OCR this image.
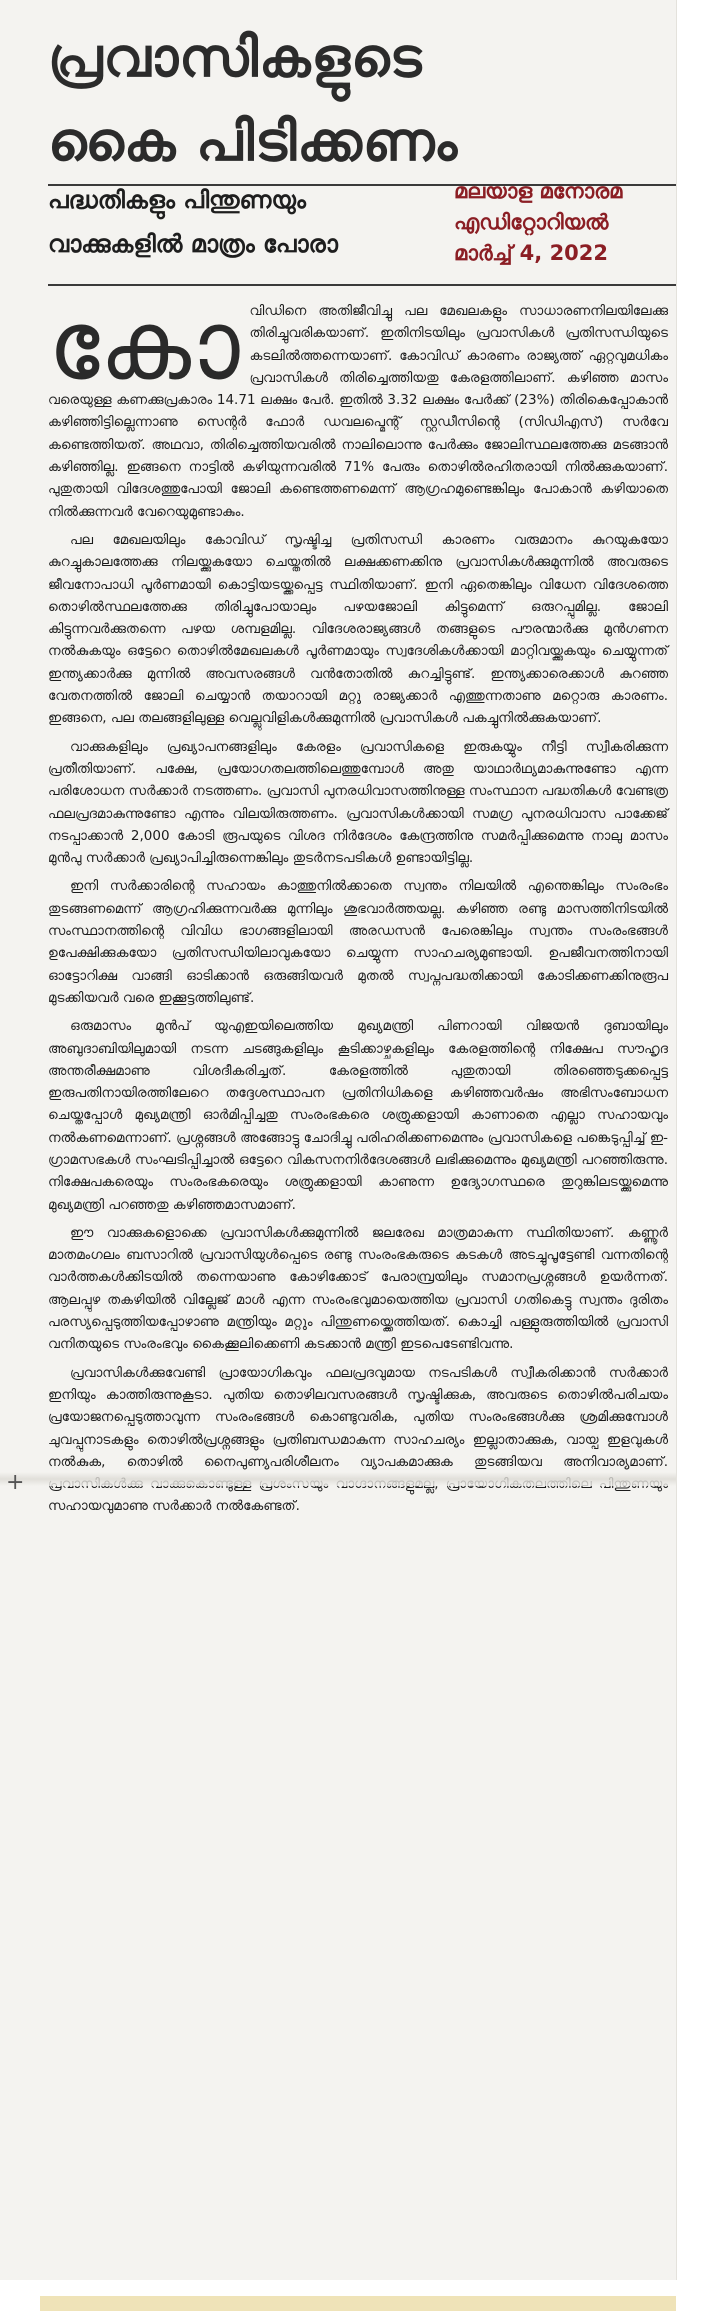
പ്രവാസികളുടെ
കൈ പിടിക്കണം
പദ്ധതികളും പിന്തുണയും
വാക്കുകളിൽ മാത്രം പോരാ
മലയാള മനോരമ
എഡിറ്റോറിയൽ
മാർച്ച് 4, 2022

കോവിഡിനെ അതിജീവിച്ചു പല മേഖലകളും സാധാരണനിലയിലേക്കു തിരിച്ചുവരികയാണ്. ഇതിനിടയിലും പ്രവാസികൾ പ്രതിസന്ധിയുടെ കടലിൽത്തന്നെയാണ്. കോവിഡ് കാരണം രാജ്യത്ത് ഏറ്റവുമധികം പ്രവാസികൾ തിരിച്ചെത്തിയതു കേരളത്തിലാണ്. കഴിഞ്ഞ മാസം വരെയുള്ള കണക്കുപ്രകാരം 14.71 ലക്ഷം പേർ. ഇതിൽ 3.32 ലക്ഷം പേർക്ക് (23%) തിരികെപ്പോകാൻ കഴിഞ്ഞിട്ടില്ലെന്നാണു സെന്റർ ഫോർ ഡവലപ്മെന്റ് സ്റ്റഡീസിന്റെ (സിഡിഎസ്) സർവേ കണ്ടെത്തിയത്. അഥവാ, തിരിച്ചെത്തിയവരിൽ നാലിലൊന്നു പേർക്കും ജോലിസ്ഥലത്തേക്കു മടങ്ങാൻ കഴിഞ്ഞില്ല. ഇങ്ങനെ നാട്ടിൽ കഴിയുന്നവരിൽ 71% പേരും തൊഴിൽരഹിതരായി നിൽക്കുകയാണ്. പുതുതായി വിദേശത്തുപോയി ജോലി കണ്ടെത്തണമെന്ന് ആഗ്രഹമുണ്ടെങ്കിലും പോകാൻ കഴിയാതെ നിൽക്കുന്നവർ വേറെയുമുണ്ടാകും.

പല മേഖലയിലും കോവിഡ് സൃഷ്ടിച്ച പ്രതിസന്ധി കാരണം വരുമാനം കുറയുകയോ കുറച്ചുകാലത്തേക്കു നിലയ്ക്കുകയോ ചെയ്തതിൽ ലക്ഷക്കണക്കിനു പ്രവാസികൾക്കുമുന്നിൽ അവരുടെ ജീവനോപാധി പൂർണമായി കൊട്ടിയടയ്ക്കപ്പെട്ട സ്ഥിതിയാണ്. ഇനി ഏതെങ്കിലും വിധേന വിദേശത്തെ തൊഴിൽസ്ഥലത്തേക്കു തിരിച്ചുപോയാലും പഴയജോലി കിട്ടുമെന്ന് ഒരുറപ്പുമില്ല. ജോലി കിട്ടുന്നവർക്കുതന്നെ പഴയ ശമ്പളമില്ല. വിദേശരാജ്യങ്ങൾ തങ്ങളുടെ പൗരന്മാർക്കു മുൻഗണന നൽകുകയും ഒട്ടേറെ തൊഴിൽമേഖലകൾ പൂർണമായും സ്വദേശികൾക്കായി മാറ്റിവയ്ക്കുകയും ചെയ്യുന്നത് ഇന്ത്യക്കാർക്കു മുന്നിൽ അവസരങ്ങൾ വൻതോതിൽ കുറച്ചിട്ടുണ്ട്. ഇന്ത്യക്കാരെക്കാൾ കുറഞ്ഞ വേതനത്തിൽ ജോലി ചെയ്യാൻ തയാറായി മറ്റു രാജ്യക്കാർ എത്തുന്നതാണു മറ്റൊരു കാരണം. ഇങ്ങനെ, പല തലങ്ങളിലുള്ള വെല്ലുവിളികൾക്കുമുന്നിൽ പ്രവാസികൾ പകച്ചുനിൽക്കുകയാണ്.

വാക്കുകളിലും പ്രഖ്യാപനങ്ങളിലും കേരളം പ്രവാസികളെ ഇരുകയ്യും നീട്ടി സ്വീകരിക്കുന്ന പ്രതീതിയാണ്. പക്ഷേ, പ്രയോഗതലത്തിലെത്തുമ്പോൾ അതു യാഥാർഥ്യമാകുന്നുണ്ടോ എന്ന പരിശോധന സർക്കാർ നടത്തണം. പ്രവാസി പുനരധിവാസത്തിനുള്ള സംസ്ഥാന പദ്ധതികൾ വേണ്ടത്ര ഫലപ്രദമാകുന്നുണ്ടോ എന്നും വിലയിരുത്തണം. പ്രവാസികൾക്കായി സമഗ്ര പുനരധിവാസ പാക്കേജ് നടപ്പാക്കാൻ 2,000 കോടി രൂപയുടെ വിശദ നിർദേശം കേന്ദ്രത്തിനു സമർപ്പിക്കുമെന്നു നാലു മാസം മുൻപു സർക്കാർ പ്രഖ്യാപിച്ചിരുന്നെങ്കിലും തുടർനടപടികൾ ഉണ്ടായിട്ടില്ല.

ഇനി സർക്കാരിന്റെ സഹായം കാത്തുനിൽക്കാതെ സ്വന്തം നിലയിൽ എന്തെങ്കിലും സംരംഭം തുടങ്ങണമെന്ന് ആഗ്രഹിക്കുന്നവർക്കു മുന്നിലും ശുഭവാർത്തയല്ല. കഴിഞ്ഞ രണ്ടു മാസത്തിനിടയിൽ സംസ്ഥാനത്തിന്റെ വിവിധ ഭാഗങ്ങളിലായി അരഡസൻ പേരെങ്കിലും സ്വന്തം സംരംഭങ്ങൾ ഉപേക്ഷിക്കുകയോ പ്രതിസന്ധിയിലാവുകയോ ചെയ്യുന്ന സാഹചര്യമുണ്ടായി. ഉപജീവനത്തിനായി ഓട്ടോറിക്ഷ വാങ്ങി ഓടിക്കാൻ ഒരുങ്ങിയവർ മുതൽ സ്വപ്നപദ്ധതിക്കായി കോടിക്കണക്കിനുരൂപ മുടക്കിയവർ വരെ ഇക്കൂട്ടത്തിലുണ്ട്.

ഒരുമാസം മുൻപ് യുഎഇയിലെത്തിയ മുഖ്യമന്ത്രി പിണറായി വിജയൻ ദുബായിലും അബുദാബിയിലുമായി നടന്ന ചടങ്ങുകളിലും കൂടിക്കാഴ്ചകളിലും കേരളത്തിന്റെ നിക്ഷേപ സൗഹൃദ അന്തരീക്ഷമാണു വിശദീകരിച്ചത്. കേരളത്തിൽ പുതുതായി തിരഞ്ഞെടുക്കപ്പെട്ട ഇരുപതിനായിരത്തിലേറെ തദ്ദേശസ്ഥാപന പ്രതിനിധികളെ കഴിഞ്ഞവർഷം അഭിസംബോധന ചെയ്തപ്പോൾ മുഖ്യമന്ത്രി ഓർമിപ്പിച്ചതു സംരംഭകരെ ശത്രുക്കളായി കാണാതെ എല്ലാ സഹായവും നൽകണമെന്നാണ്. പ്രശ്നങ്ങൾ അങ്ങോട്ടു ചോദിച്ചു പരിഹരിക്കണമെന്നും പ്രവാസികളെ പങ്കെടുപ്പിച്ച് ഇ-ഗ്രാമസഭകൾ സംഘടിപ്പിച്ചാൽ ഒട്ടേറെ വികസനനിർദേശങ്ങൾ ലഭിക്കുമെന്നും മുഖ്യമന്ത്രി പറഞ്ഞിരുന്നു. നിക്ഷേപകരെയും സംരംഭകരെയും ശത്രുക്കളായി കാണുന്ന ഉദ്യോഗസ്ഥരെ തുറുങ്കിലടയ്ക്കുമെന്നു മുഖ്യമന്ത്രി പറഞ്ഞതു കഴിഞ്ഞമാസമാണ്.

ഈ വാക്കുകളൊക്കെ പ്രവാസികൾക്കുമുന്നിൽ ജലരേഖ മാത്രമാകുന്ന സ്ഥിതിയാണ്. കണ്ണൂർ മാതമംഗലം ബസാറിൽ പ്രവാസിയുൾപ്പെടെ രണ്ടു സംരംഭകരുടെ കടകൾ അടച്ചുപൂട്ടേണ്ടി വന്നതിന്റെ വാർത്തകൾക്കിടയിൽ തന്നെയാണു കോഴിക്കോട് പേരാമ്പ്രയിലും സമാനപ്രശ്നങ്ങൾ ഉയർന്നത്. ആലപ്പുഴ തകഴിയിൽ വില്ലേജ് മാൾ എന്ന സംരംഭവുമായെത്തിയ പ്രവാസി ഗതികെട്ടു സ്വന്തം ദുരിതം പരസ്യപ്പെടുത്തിയപ്പോഴാണു മന്ത്രിയും മറ്റും പിന്തുണയ്ക്കെത്തിയത്. കൊച്ചി പള്ളുരുത്തിയിൽ പ്രവാസി വനിതയുടെ സംരംഭവും കൈക്കൂലിക്കെണി കടക്കാൻ മന്ത്രി ഇടപെടേണ്ടിവന്നു.

പ്രവാസികൾക്കുവേണ്ടി പ്രായോഗികവും ഫലപ്രദവുമായ നടപടികൾ സ്വീകരിക്കാൻ സർക്കാർ ഇനിയും കാത്തിരുന്നുകൂടാ. പുതിയ തൊഴിലവസരങ്ങൾ സൃഷ്ടിക്കുക, അവരുടെ തൊഴിൽപരിചയം പ്രയോജനപ്പെടുത്താവുന്ന സംരംഭങ്ങൾ കൊണ്ടുവരിക, പുതിയ സംരംഭങ്ങൾക്കു ശ്രമിക്കുമ്പോൾ ചുവപ്പുനാടകളും തൊഴിൽപ്രശ്നങ്ങളും പ്രതിബന്ധമാകുന്ന സാഹചര്യം ഇല്ലാതാക്കുക, വായ്പ ഇളവുകൾ നൽകുക, തൊഴിൽ നൈപുണ്യപരിശീലനം വ്യാപകമാക്കുക തുടങ്ങിയവ അനിവാര്യമാണ്. സഹായവുമാണു സർക്കാർ നൽകേണ്ടത്.

+
